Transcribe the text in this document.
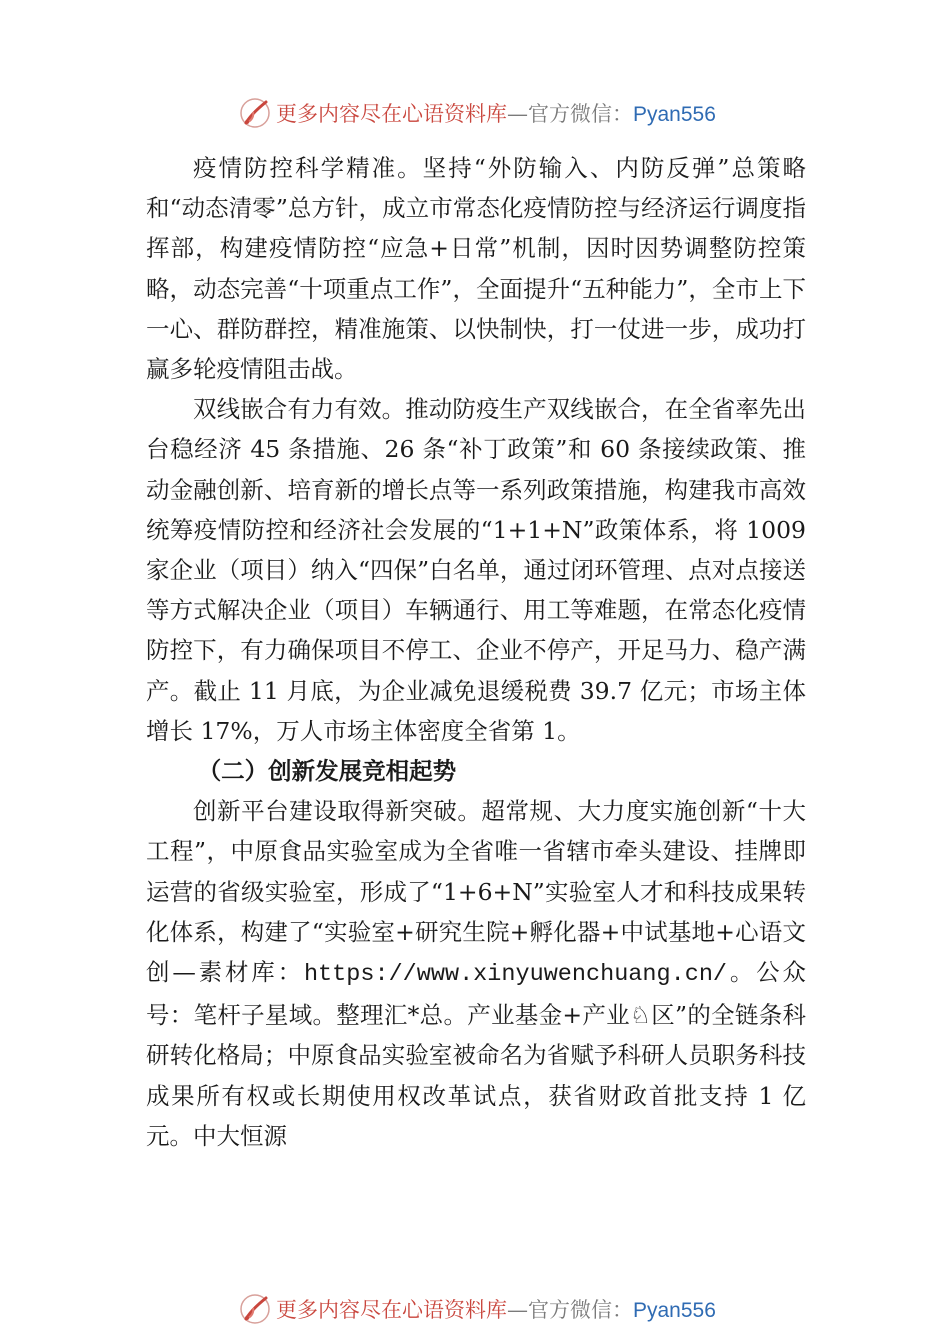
更多内容尽在心语资料库—官方微信：Pyan556

疫情防控科学精准。坚持“外防输入、内防反弹”总策略和“动态清零”总方针，成立市常态化疫情防控与经济运行调度指挥部，构建疫情防控“应急+日常”机制，因时因势调整防控策略，动态完善“十项重点工作”，全面提升“五种能力”，全市上下一心、群防群控，精准施策、以快制快，打一仗进一步，成功打赢多轮疫情阻击战。

双线嵌合有力有效。推动防疫生产双线嵌合，在全省率先出台稳经济 45 条措施、26 条“补丁政策”和 60 条接续政策、推动金融创新、培育新的增长点等一系列政策措施，构建我市高效统筹疫情防控和经济社会发展的“1+1+N”政策体系，将 1009 家企业（项目）纳入“四保”白名单，通过闭环管理、点对点接送等方式解决企业（项目）车辆通行、用工等难题，在常态化疫情防控下，有力确保项目不停工、企业不停产，开足马力、稳产满产。截止 11 月底，为企业减免退缓税费 39.7 亿元；市场主体增长 17%，万人市场主体密度全省第 1。

（二）创新发展竞相起势

创新平台建设取得新突破。超常规、大力度实施创新“十大工程”，中原食品实验室成为全省唯一省辖市牵头建设、挂牌即运营的省级实验室，形成了“1+6+N”实验室人才和科技成果转化体系，构建了“实验室+研究生院+孵化器+中试基地+心语文创—素材库：https://www.xinyuwenchuang.cn/。公众号：笔杆子星域。整理汇*总。产业基金+产业♘区”的全链条科研转化格局；中原食品实验室被命名为省赋予科研人员职务科技成果所有权或长期使用权改革试点，获省财政首批支持 1 亿元。中大恒源

更多内容尽在心语资料库—官方微信：Pyan556
